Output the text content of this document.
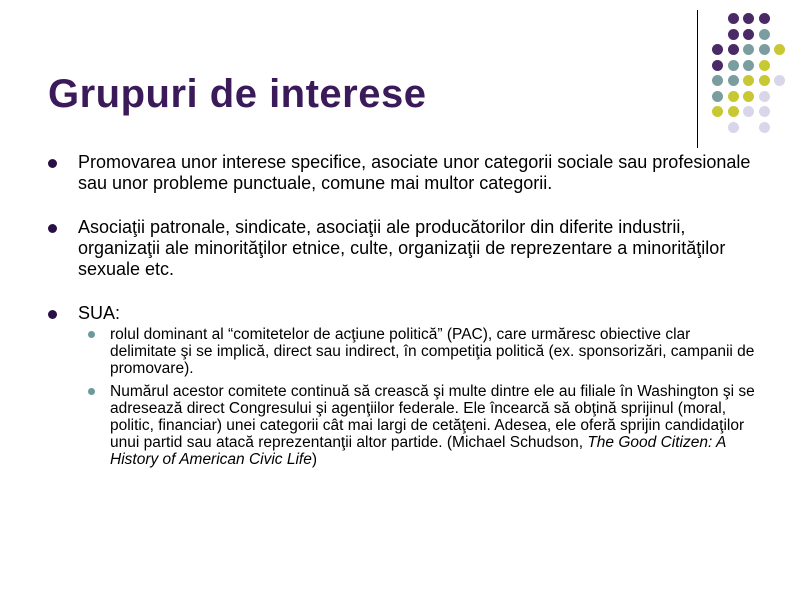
Grupuri de interese

Promovarea unor interese specifice, asociate unor categorii sociale sau profesionale sau unor probleme punctuale, comune mai multor categorii.

Asociaţii patronale, sindicate, asociaţii ale producătorilor din diferite industrii, organizaţii ale minorităţilor etnice, culte, organizaţii de reprezentare a minorităţilor sexuale etc.

SUA:
rolul dominant al “comitetelor de acţiune politică” (PAC), care urmăresc obiective clar delimitate şi se implică, direct sau indirect, în competiţia politică (ex. sponsorizări, campanii de promovare).
Numărul acestor comitete continuă să crească şi multe dintre ele au filiale în Washington şi se adresează direct Congresului şi agenţiilor federale. Ele încearcă să obţină sprijinul (moral, politic, financiar) unei categorii cât mai largi de cetăţeni. Adesea, ele oferă sprijin candidaţilor unui partid sau atacă reprezentanţii altor partide. (Michael Schudson, The Good Citizen: A History of American Civic Life)
